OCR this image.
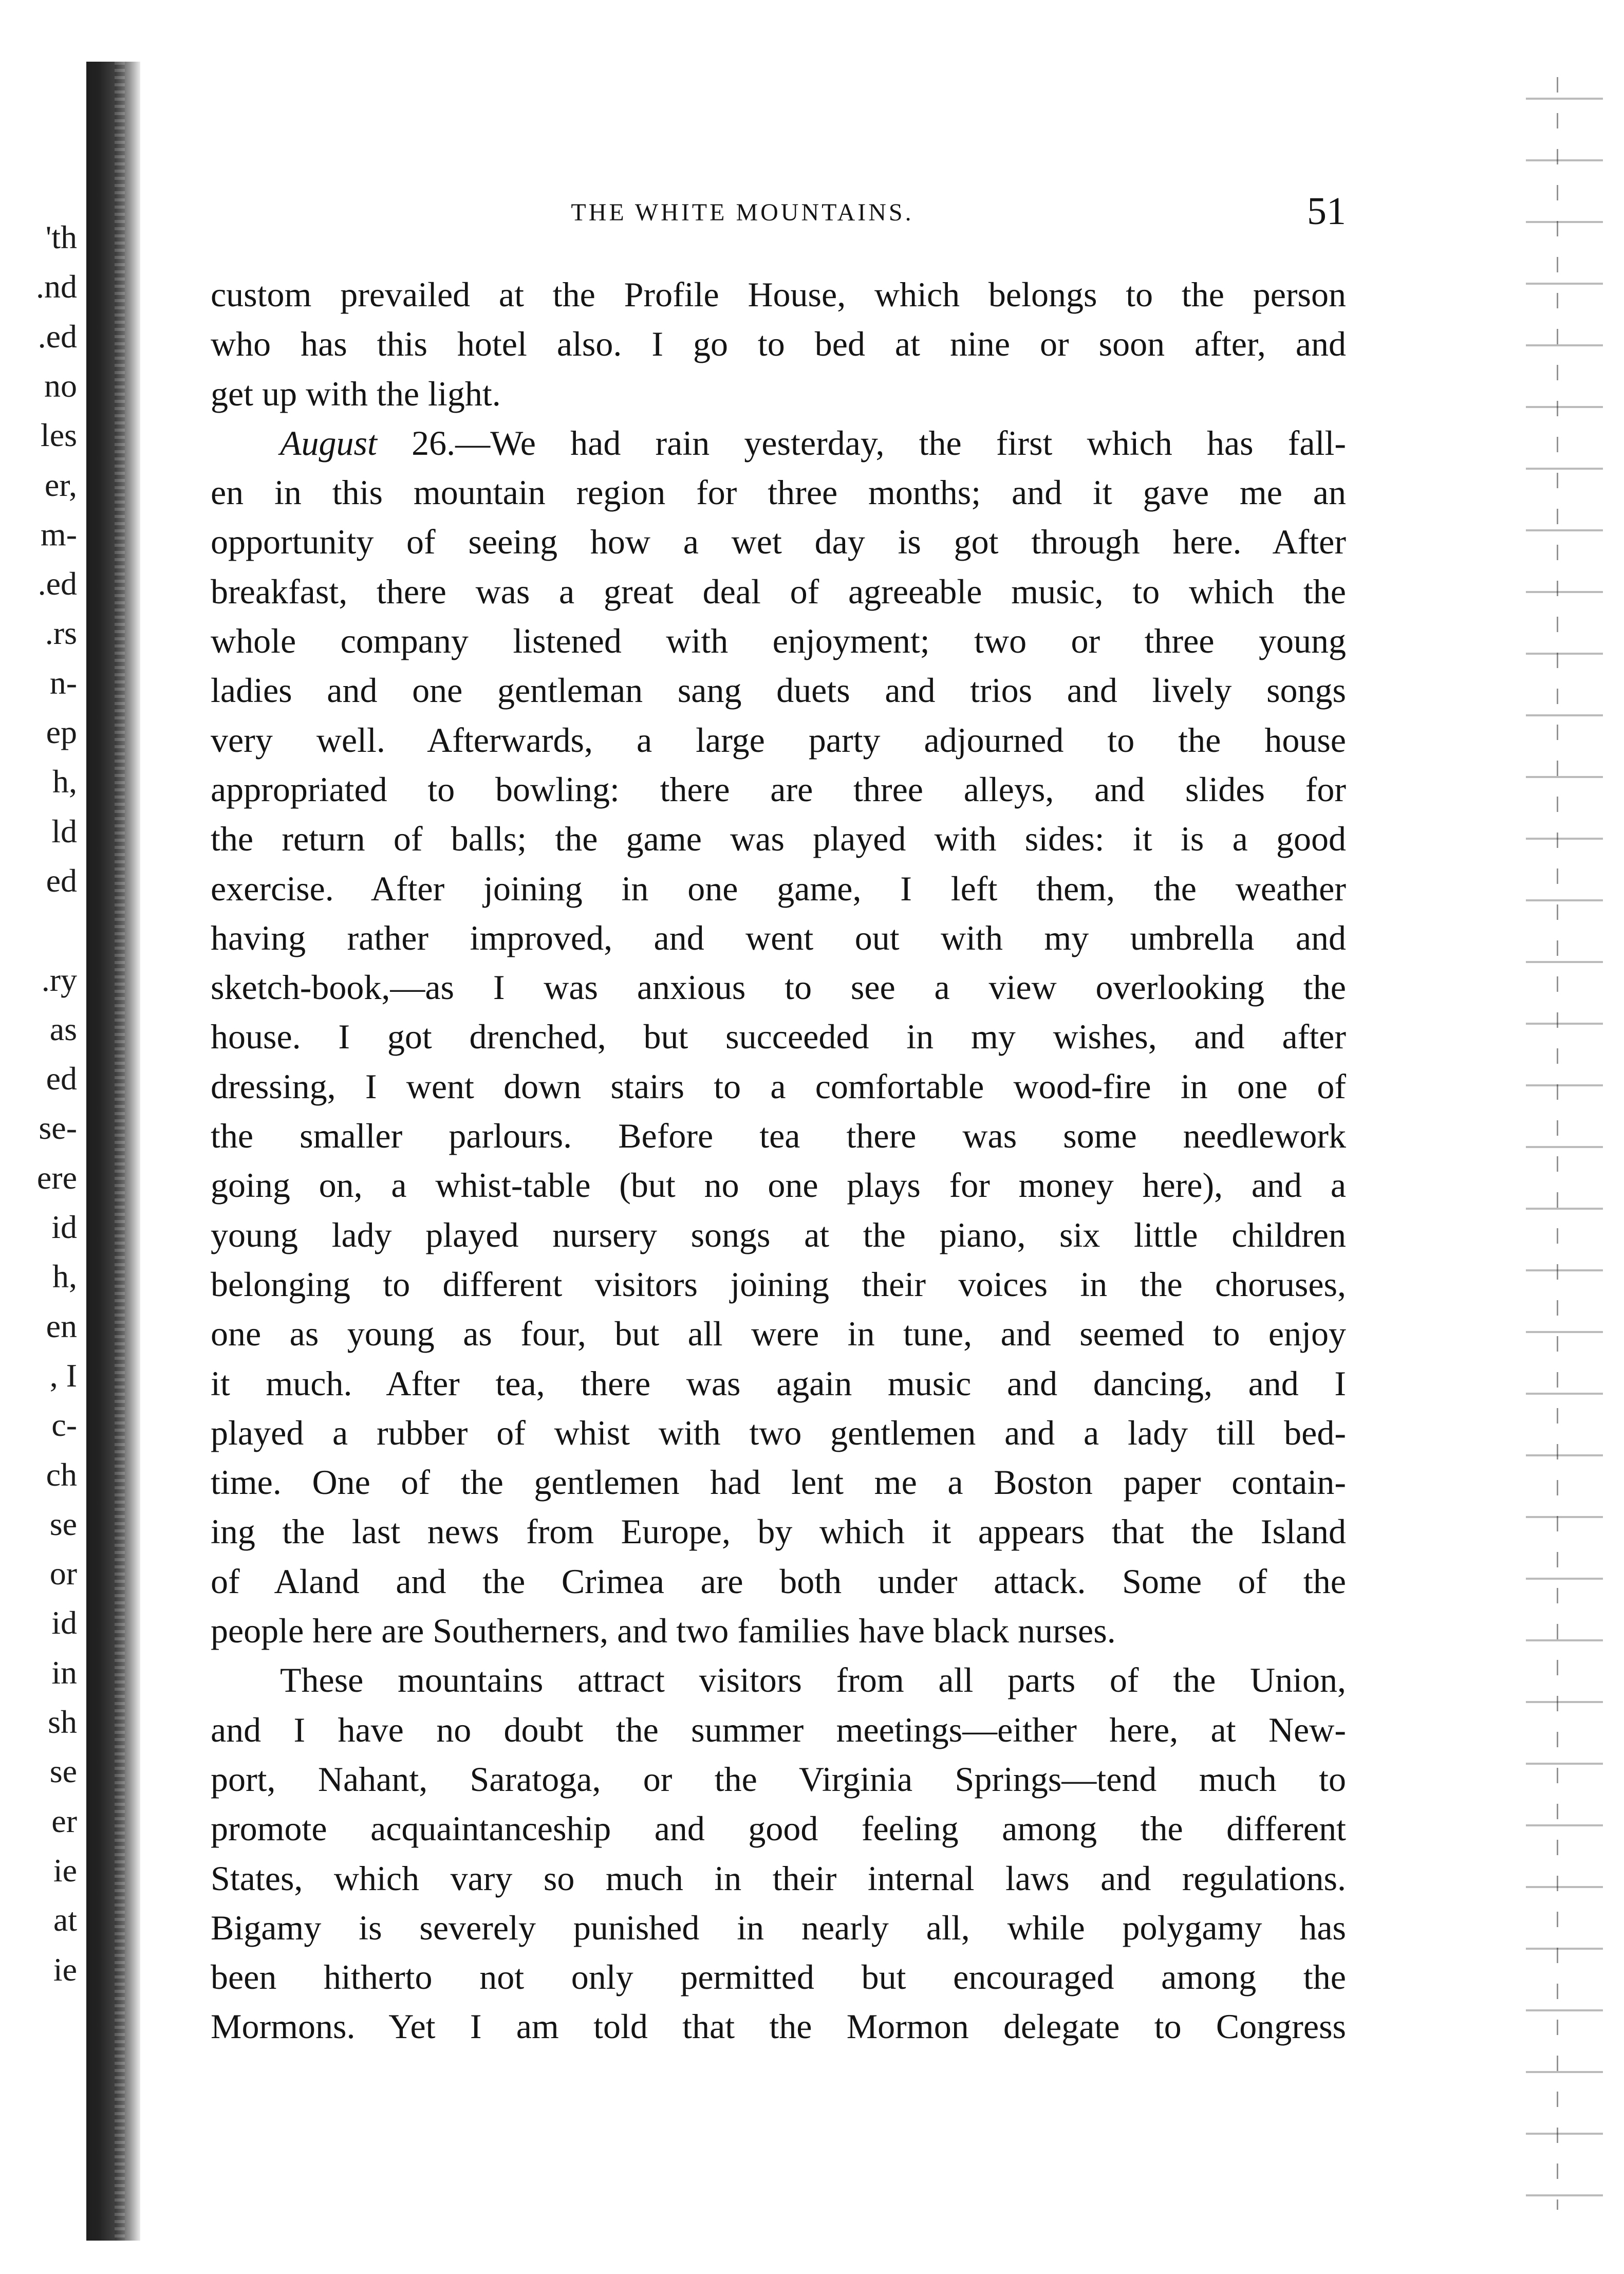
'th
.nd
.ed
no
les
er,
m-
.ed
.rs
n-
ep
h,
ld
ed
.ry
as
ed
se-
ere
id
h,
en
, I
c-
ch
se
or
id
in
sh
se
er
ie
at
ie
THE WHITE MOUNTAINS.	51
custom prevailed at the Profile House, which belongs to the person
who has this hotel also. I go to bed at nine or soon after, and
get up with the light.
August 26.—We had rain yesterday, the first which has fall-
en in this mountain region for three months; and it gave me an
opportunity of seeing how a wet day is got through here. After
breakfast, there was a great deal of agreeable music, to which the
whole company listened with enjoyment; two or three young
ladies and one gentleman sang duets and trios and lively songs
very well. Afterwards, a large party adjourned to the house
appropriated to bowling: there are three alleys, and slides for
the return of balls; the game was played with sides: it is a good
exercise. After joining in one game, I left them, the weather
having rather improved, and went out with my umbrella and
sketch-book,—as I was anxious to see a view overlooking the
house. I got drenched, but succeeded in my wishes, and after
dressing, I went down stairs to a comfortable wood-fire in one of
the smaller parlours. Before tea there was some needlework
going on, a whist-table (but no one plays for money here), and a
young lady played nursery songs at the piano, six little children
belonging to different visitors joining their voices in the choruses,
one as young as four, but all were in tune, and seemed to enjoy
it much. After tea, there was again music and dancing, and I
played a rubber of whist with two gentlemen and a lady till bed-
time. One of the gentlemen had lent me a Boston paper contain-
ing the last news from Europe, by which it appears that the Island
of Aland and the Crimea are both under attack. Some of the
people here are Southerners, and two families have black nurses.
These mountains attract visitors from all parts of the Union,
and I have no doubt the summer meetings—either here, at New-
port, Nahant, Saratoga, or the Virginia Springs—tend much to
promote acquaintanceship and good feeling among the different
States, which vary so much in their internal laws and regulations.
Bigamy is severely punished in nearly all, while polygamy has
been hitherto not only permitted but encouraged among the
Mormons. Yet I am told that the Mormon delegate to Congress
